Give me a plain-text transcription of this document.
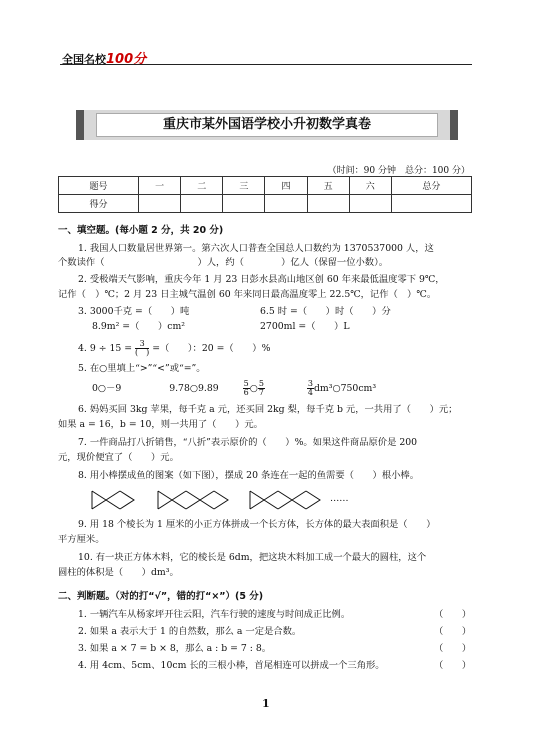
全国名校100分
重庆市某外国语学校小升初数学真卷
（时间：90 分钟　总分：100 分）
题号	一	二	三	四	五	六	总分
得分							
一、填空题。(每小题 2 分，共 20 分)
1. 我国人口数量居世界第一。第六次人口普查全国总人口数约为 1370537000 人，这
个数读作（　　　　　　　　　　）人，约（　　　　）亿人（保留一位小数）。
2. 受极端天气影响，重庆今年 1 月 23 日彭水县高山地区创 60 年来最低温度零下 9℃，
记作（　）℃；2 月 23 日主城气温创 60 年来同日最高温度零上 22.5℃，记作（　）℃。
3. 3000千克 =（　　）吨	6.5 时 =（　　）时（　　）分
8.9m² =（　　）cm²	2700ml =（　　）L
4. $9 \div 15 = \frac{3}{( )}$ =（　　）：20 =（　　）%
5. 在○里填上“>”“<”或“=”。
0○－9	9.78○9.89	$\frac{5}{6}$ ○ $\frac{5}{7}$
	$\frac{3}{4}$ dm³○750cm³
6. 妈妈买回 3kg 苹果，每千克 a 元，还买回 2kg 梨，每千克 b 元，一共用了（　　）元；
如果 a = 16，b = 10，则一共用了（　　）元。
7. 一件商品打八折销售，“八折”表示原价的（　　）%。如果这件商品原价是 200
元，现价便宜了（　　）元。
8. 用小棒摆成鱼的图案（如下图），摆成 20 条连在一起的鱼需要（　　）根小棒。
……
9. 用 18 个棱长为 1 厘米的小正方体拼成一个长方体，长方体的最大表面积是（　　）
平方厘米。
10. 有一块正方体木料，它的棱长是 6dm，把这块木料加工成一个最大的圆柱，这个
圆柱的体积是（　　）dm³。
二、判断题。（对的打“√”，错的打“×”）(5 分)
1. 一辆汽车从杨家坪开往云阳，汽车行驶的速度与时间成正比例。	（　　）
2. 如果 a 表示大于 1 的自然数，那么 a 一定是合数。	（　　）
3. 如果 a × 7 = b × 8，那么 a : b = 7 : 8。	（　　）
4. 用 4cm、5cm、10cm 长的三根小棒，首尾相连可以拼成一个三角形。	（　　）
1
